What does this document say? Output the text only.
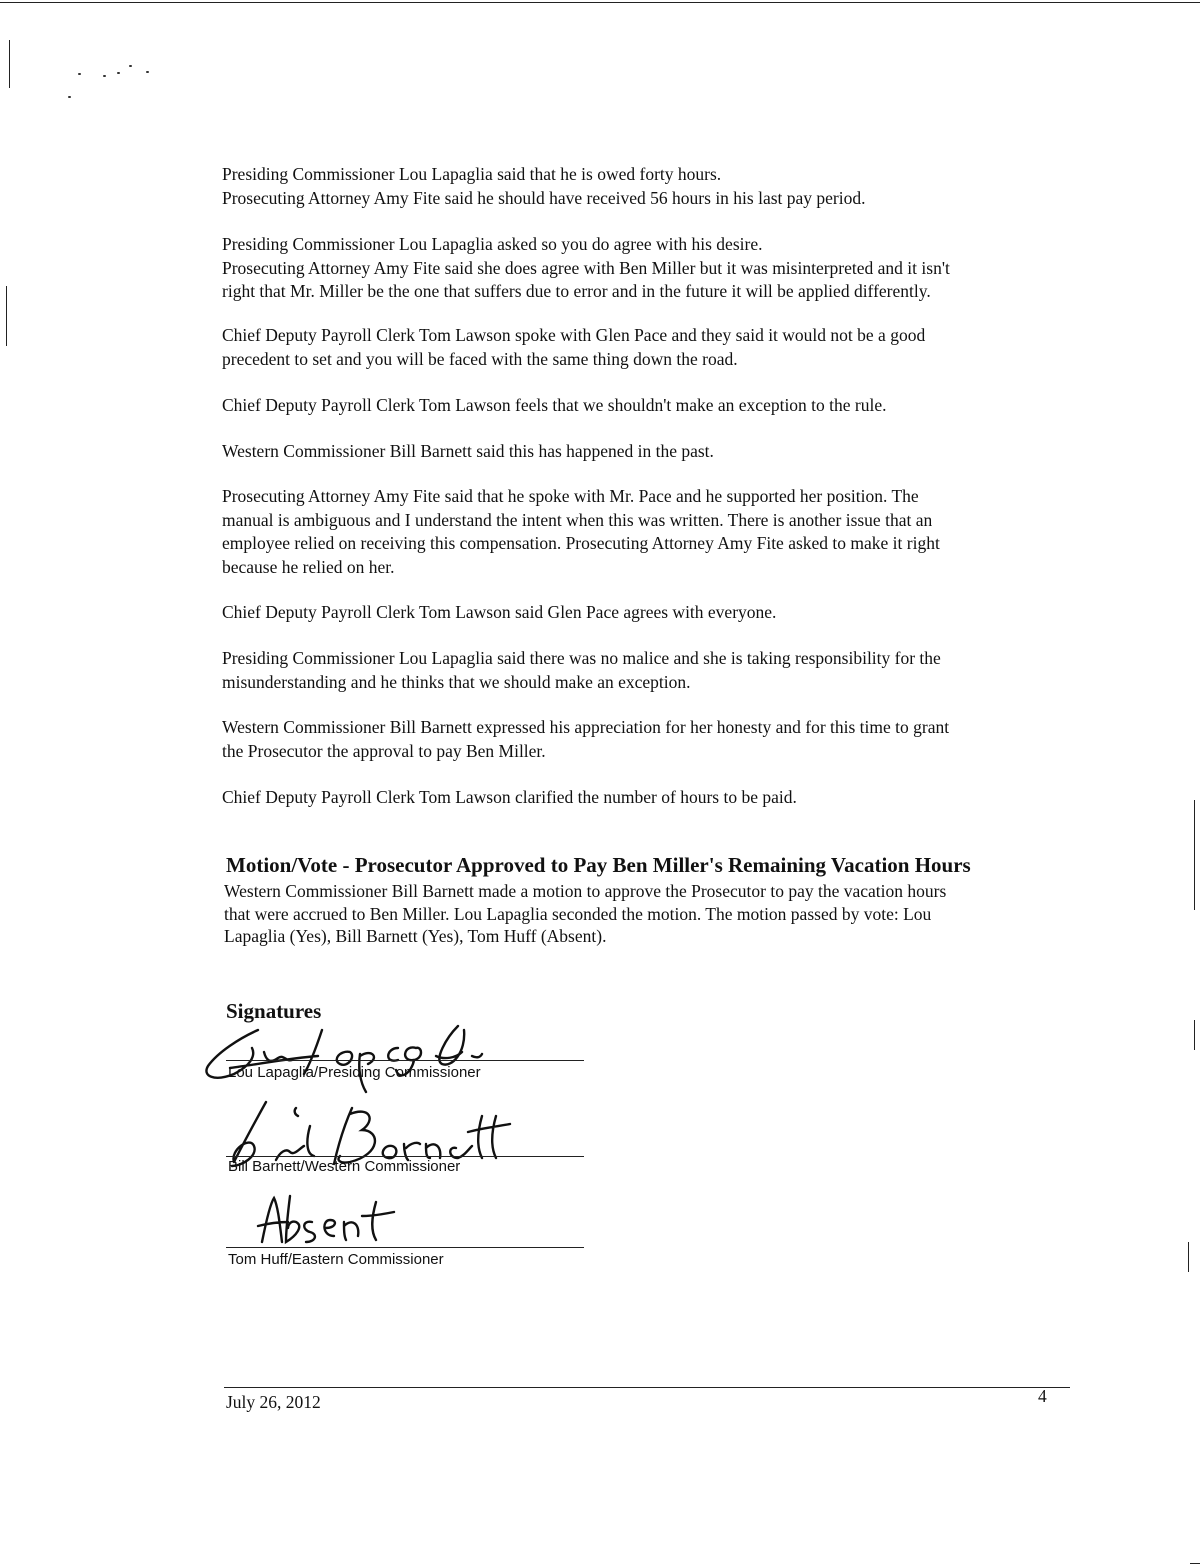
Presiding Commissioner Lou Lapaglia said that he is owed forty hours.
Prosecuting Attorney Amy Fite said he should have received 56 hours in his last pay period.
Presiding Commissioner Lou Lapaglia asked so you do agree with his desire.
Prosecuting Attorney Amy Fite said she does agree with Ben Miller but it was misinterpreted and it isn't
right that Mr. Miller be the one that suffers due to error and in the future it will be applied differently.
Chief Deputy Payroll Clerk Tom Lawson spoke with Glen Pace and they said it would not be a good
precedent to set and you will be faced with the same thing down the road.
Chief Deputy Payroll Clerk Tom Lawson feels that we shouldn't make an exception to the rule.
Western Commissioner Bill Barnett said this has happened in the past.
Prosecuting Attorney Amy Fite said that he spoke with Mr. Pace and he supported her position. The
manual is ambiguous and I understand the intent when this was written. There is another issue that an
employee relied on receiving this compensation. Prosecuting Attorney Amy Fite asked to make it right
because he relied on her.
Chief Deputy Payroll Clerk Tom Lawson said Glen Pace agrees with everyone.
Presiding Commissioner Lou Lapaglia said there was no malice and she is taking responsibility for the
misunderstanding and he thinks that we should make an exception.
Western Commissioner Bill Barnett expressed his appreciation for her honesty and for this time to grant
the Prosecutor the approval to pay Ben Miller.
Chief Deputy Payroll Clerk Tom Lawson clarified the number of hours to be paid.
Motion/Vote - Prosecutor Approved to Pay Ben Miller's Remaining Vacation Hours
Western Commissioner Bill Barnett made a motion to approve the Prosecutor to pay the vacation hours
that were accrued to Ben Miller. Lou Lapaglia seconded the motion. The motion passed by vote: Lou
Lapaglia (Yes), Bill Barnett (Yes), Tom Huff (Absent).
Signatures
Lou Lapaglia/Presiding Commissioner
Bill Barnett/Western Commissioner
Tom Huff/Eastern Commissioner
July 26, 2012	4
